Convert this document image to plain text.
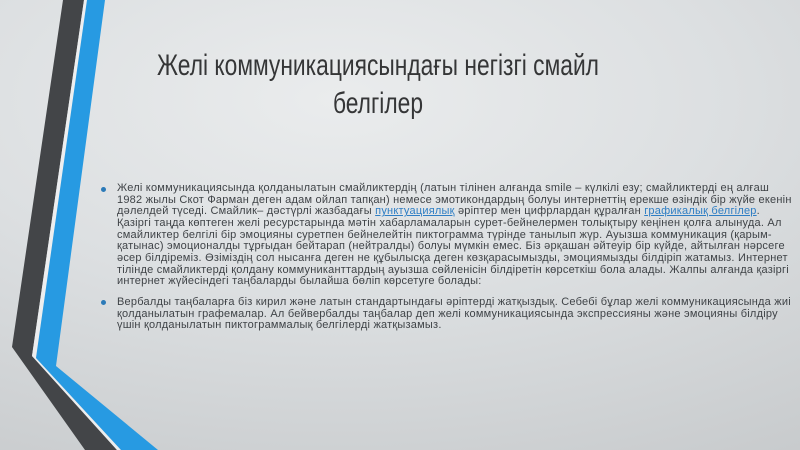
Желі коммуникациясындағы негізгі смайл белгілер

Желі коммуникациясында қолданылатын смайликтердің (латын тілінен алғанда smile – күлкілі езу; смайликтерді ең алғаш 1982 жылы Скот Фарман деген адам ойлап тапқан) немесе эмотикондардың болуы интернеттің ерекше өзіндік бір жүйе екенін дәлелдей түседі. Смайлик– дәстүрлі жазбадағы пунктуациялық әріптер мен цифрлардан құралған графикалық белгілер. Қазіргі таңда көптеген желі ресурстарында мәтін хабарламаларын сурет-бейнелермен толықтыру кеңінен қолға алынуда. Ал смайликтер белгілі бір эмоцияны суретпен бейнелейтін пиктограмма түрінде танылып жүр. Ауызша коммуникация (қарым-қатынас) эмоционалды тұрғыдан бейтарап (нейтралды) болуы мүмкін емес. Біз әрқашан әйтеуір бір күйде, айтылған нәрсеге әсер білдіреміз. Өзіміздің сол нысанға деген не құбылысқа деген көзқарасымызды, эмоциямызды білдіріп жатамыз. Интернет тілінде смайликтерді қолдану коммуниканттардың ауызша сөйленісін білдіретін көрсеткіш бола алады. Жалпы алғанда қазіргі интернет жүйесіндегі таңбаларды былайша бөліп көрсетуге болады:

Вербалды таңбаларға біз кирил және латын стандартындағы әріптерді жатқыздық. Себебі бұлар желі коммуникациясында жиі қолданылатын графемалар. Ал бейвербалды таңбалар деп желі коммуникациясында экспрессияны және эмоцияны білдіру үшін қолданылатын пиктограммалық белгілерді жатқызамыз.
